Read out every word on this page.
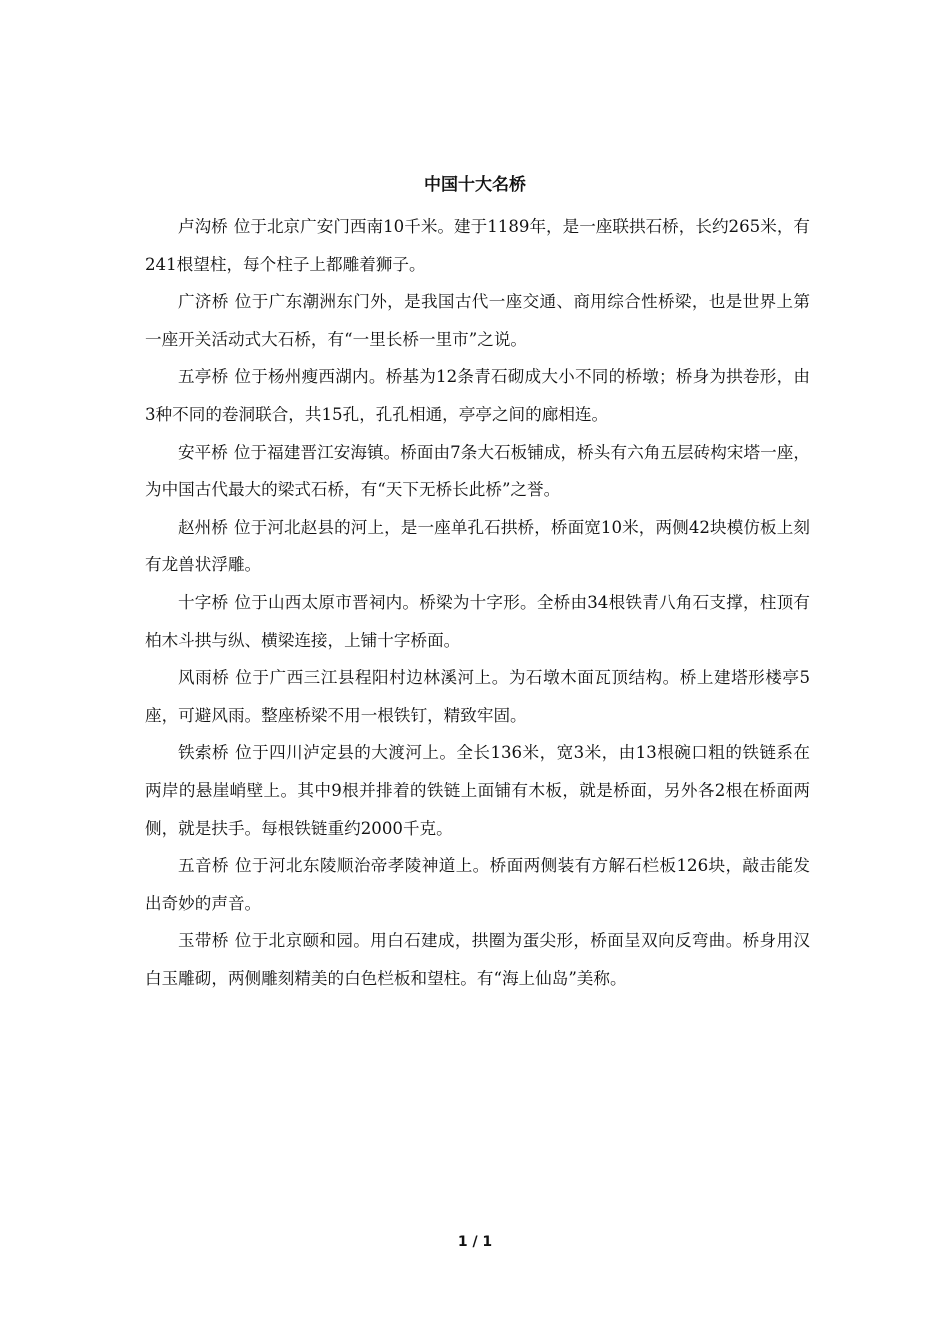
中国十大名桥

卢沟桥 位于北京广安门西南10千米。建于1189年，是一座联拱石桥，长约265米，有241根望柱，每个柱子上都雕着狮子。

广济桥 位于广东潮洲东门外，是我国古代一座交通、商用综合性桥梁，也是世界上第一座开关活动式大石桥，有“一里长桥一里市”之说。

五亭桥 位于杨州瘦西湖内。桥基为12条青石砌成大小不同的桥墩；桥身为拱卷形，由3种不同的卷洞联合，共15孔，孔孔相通，亭亭之间的廊相连。

安平桥 位于福建晋江安海镇。桥面由7条大石板铺成，桥头有六角五层砖构宋塔一座，为中国古代最大的梁式石桥，有“天下无桥长此桥”之誉。

赵州桥 位于河北赵县的河上，是一座单孔石拱桥，桥面宽10米，两侧42块模仿板上刻有龙兽状浮雕。

十字桥 位于山西太原市晋祠内。桥梁为十字形。全桥由34根铁青八角石支撑，柱顶有柏木斗拱与纵、横梁连接，上铺十字桥面。

风雨桥 位于广西三江县程阳村边林溪河上。为石墩木面瓦顶结构。桥上建塔形楼亭5座，可避风雨。整座桥梁不用一根铁钉，精致牢固。

铁索桥 位于四川泸定县的大渡河上。全长136米，宽3米，由13根碗口粗的铁链系在两岸的悬崖峭壁上。其中9根并排着的铁链上面铺有木板，就是桥面，另外各2根在桥面两侧，就是扶手。每根铁链重约2000千克。

五音桥 位于河北东陵顺治帝孝陵神道上。桥面两侧装有方解石栏板126块，敲击能发出奇妙的声音。

玉带桥 位于北京颐和园。用白石建成，拱圈为蛋尖形，桥面呈双向反弯曲。桥身用汉白玉雕砌，两侧雕刻精美的白色栏板和望柱。有“海上仙岛”美称。

1 / 1
